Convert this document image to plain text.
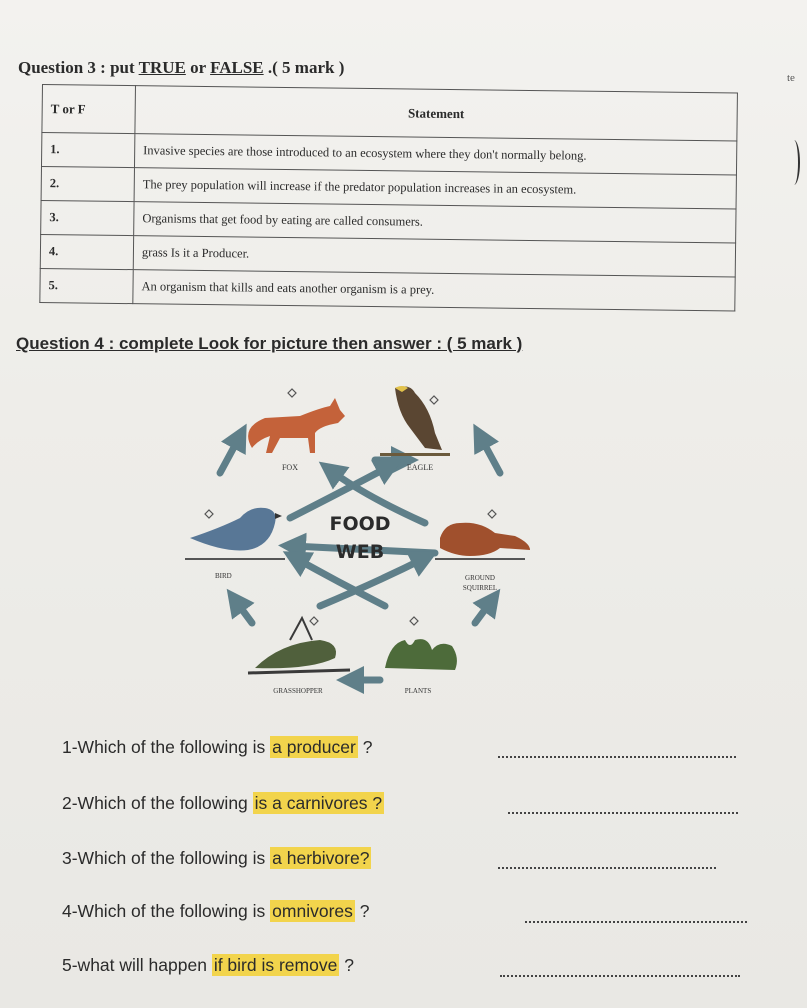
Question 3 : put TRUE or FALSE .( 5 mark )
te
T or F	Statement
1.	Invasive species are those introduced to an ecosystem where they don't normally belong.
2.	The prey population will increase if the predator population increases in an ecosystem.
3.	Organisms that get food by eating are called consumers.
4.	grass Is it a Producer.
5.	An organism that kills and eats another organism is a prey.
Question 4 : complete Look for picture then answer : ( 5 mark )
FOX	EAGLE
BIRD
FOOD
WEB
GROUND
SQUIRREL
GRASSHOPPER	PLANTS
1-Which of the following is a producer ?
2-Which of the following is a carnivores ?
3-Which of the following is a herbivore?
4-Which of the following is omnivores ?
5-what will happen if bird is remove ?
